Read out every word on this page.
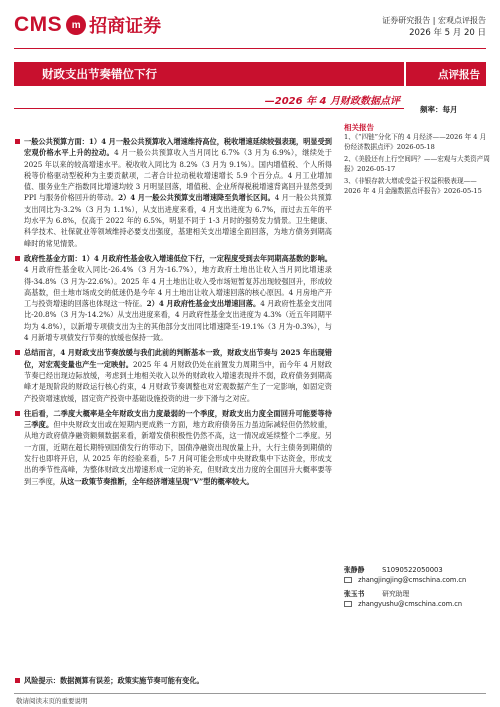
CMS m 招商证券	证券研究报告 | 宏观点评报告
2026 年 5 月 20 日
财政支出节奏错位下行	点评报告
—2026 年 4 月财政数据点评
频率：每月
相关报告
1、《“四链”分化下的 4 月经济——2026 年 4 月份经济数据点评》2026-05-18
2、《美股还有上行空间吗？——宏观与大类资产周报》2026-05-17
3、《非银存款大增或受益于权益积极表现——2026 年 4 月金融数据点评报告》2026-05-15
张静静	S1090522050003
zhangjingjing@cmschina.com.cn
张玉书	研究助理
zhangyushu@cmschina.com.cn
一般公共预算方面：1）4 月一般公共预算收入增速维持高位，税收增速延续较强表现，明显受到宏观价格水平上升的拉动。4 月一般公共预算收入当月同比 6.7%（3 月为 6.9%），继续处于 2025 年以来的较高增速水平。税收收入同比为 8.2%（3 月为 9.1%）。国内增值税、个人所得税等价格驱动型税种为主要贡献项，二者合计拉动税收增速增长 5.9 个百分点。4 月工业增加值、服务业生产指数同比增速均较 3 月明显回落，增值税、企业所得税税增速背离回升显然受到 PPI 与服务价格回升的带动。2）4 月一般公共预算支出增速降至负增长区间。4 月一般公共预算支出同比为-3.2%（3 月为 1.1%），从支出进度来看，4 月支出进度为 6.7%，而过去五年的平均水平为 6.8%，仅高于 2022 年的 6.5%，明显不同于 1-3 月时的强势发力情景。卫生健康、科学技术、社保就业等领域维持必要支出强度，基建相关支出增速全面回落，为地方债务到期高峰时的常见情景。
政府性基金方面：1）4 月政府性基金收入增速低位下行，一定程度受到去年同期高基数的影响。4 月政府性基金收入同比-26.4%（3 月为-16.7%），地方政府土地出让收入当月同比增速录得-34.8%（3 月为-22.6%）。2025 年 4 月土地出让收入受市场短暂复苏出现较强回升，形成较高基数，但土地市场成交的低迷仍是今年 4 月土地出让收入增速回落的核心原因。4 月房地产开工与投资增速的回落也体现这一特征。2）4 月政府性基金支出增速回落。4 月政府性基金支出同比-20.8%（3 月为-14.2%）从支出进度来看，4 月政府性基金支出进度为 4.3%（近五年同期平均为 4.8%），以新增专项债支出为主的其他部分支出同比增速降至-19.1%（3 月为-0.3%），与 4 月新增专项债发行节奏的放缓也保持一致。
总结而言，4 月财政支出节奏放缓与我们此前的判断基本一致，财政支出节奏与 2025 年出现错位，对宏观变量也产生一定映射。2025 年 4 月财政仍处在前置发力周期当中，而今年 4 月财政节奏已经出现边际放缓，考虑到土地相关收入以外的财政收入增速表现并不弱，政府债务到期高峰才是现阶段的财政运行核心约束，4 月财政节奏调整也对宏观数据产生了一定影响，如固定资产投资增速放缓，固定资产投资中基础设施投资的进一步下滑与之对应。
往后看，二季度大概率是全年财政支出力度最弱的一个季度，财政支出力度全面回升可能要等待三季度。但中央财政支出或在短期内更成熟一方面，地方政府债务压力虽边际减轻但仍然较重，从地方政府债净融资额频数据来看，新增发债积极性仍然不高，这一情况或延续整个二季度。另一方面，近期在超长期特别国债发行的带动下，国债净融资出现放量上升，大行主债务到期债的发行也即将开启，从 2025 年的经验来看，5-7 月间可能会形成中央财政集中下达资金，形成支出的季节性高峰，为整体财政支出增速形成一定的补充，但财政支出力度的全面回升大概率要等到三季度，从这一政策节奏推断，全年经济增速呈现“V”型的概率较大。
风险提示：数据测算有误差；政策实施节奏可能有变化。
敬请阅读末页的重要说明
